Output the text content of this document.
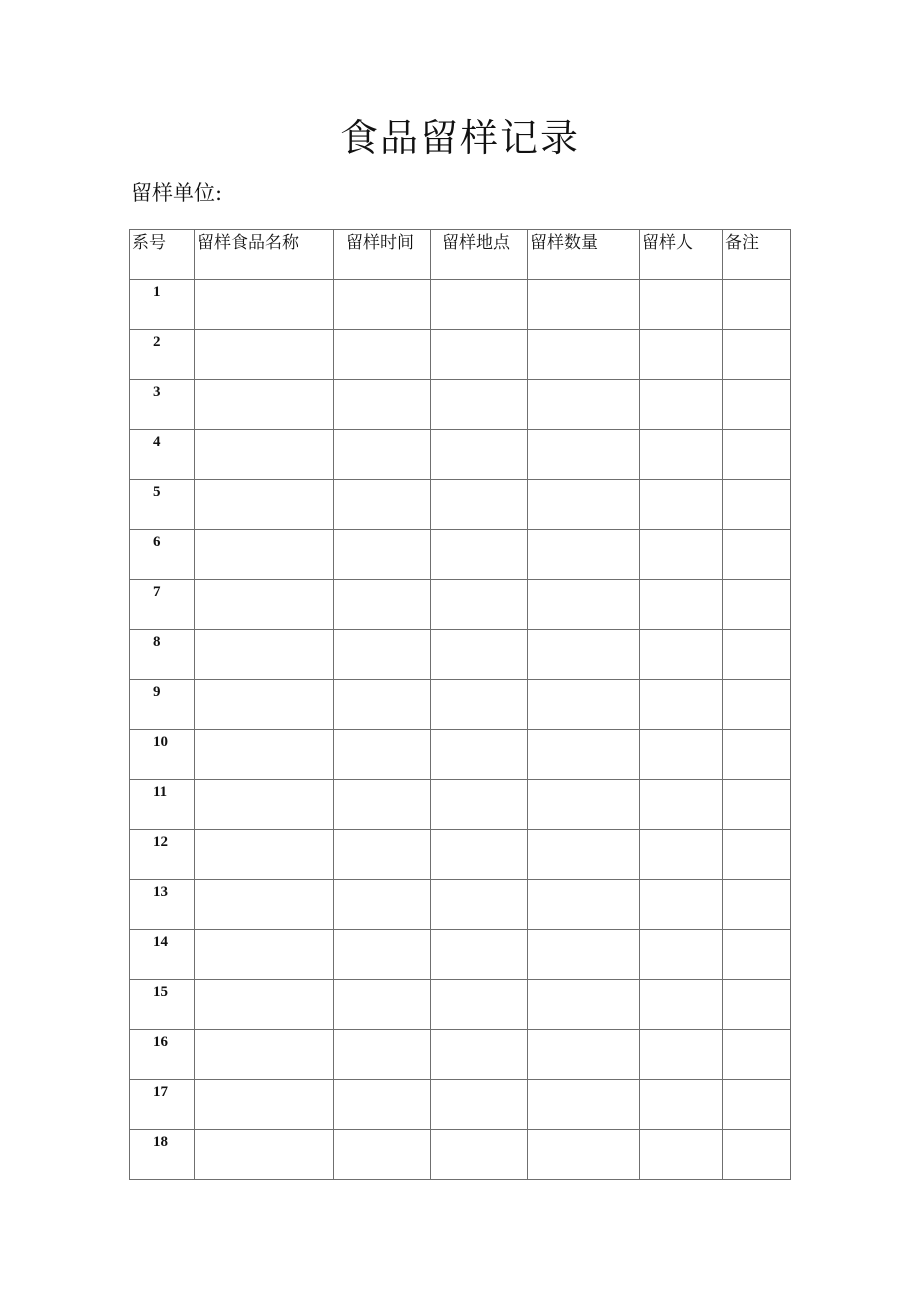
食品留样记录
留样单位:
系号	留样食品名称	留样时间	留样地点	留样数量	留样人	备注
1						
2						
3						
4						
5						
6						
7						
8						
9						
10						
11						
12						
13						
14						
15						
16						
17						
18						
